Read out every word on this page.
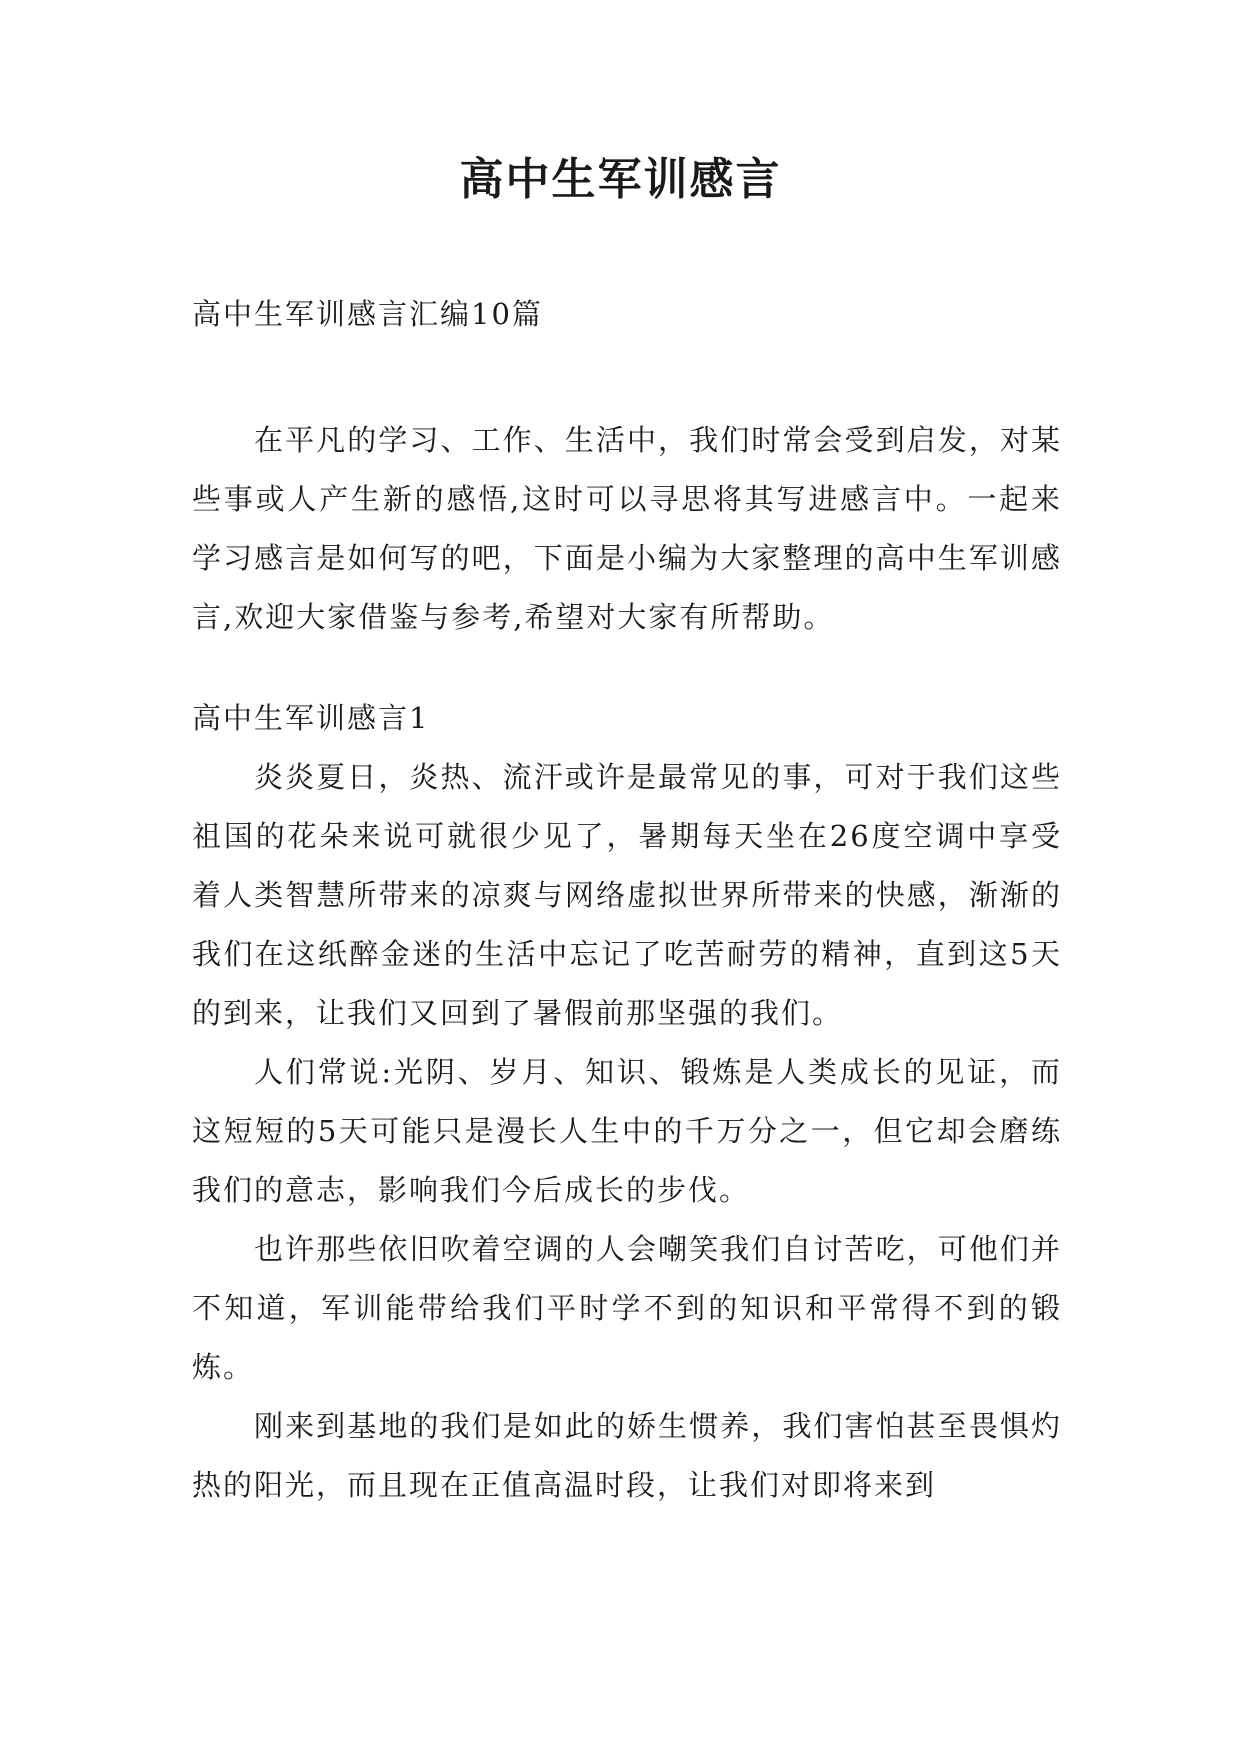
高中生军训感言

高中生军训感言汇编10篇

在平凡的学习、工作、生活中，我们时常会受到启发，对某些事或人产生新的感悟,这时可以寻思将其写进感言中。一起来学习感言是如何写的吧，下面是小编为大家整理的高中生军训感言,欢迎大家借鉴与参考,希望对大家有所帮助。

高中生军训感言1

炎炎夏日，炎热、流汗或许是最常见的事，可对于我们这些祖国的花朵来说可就很少见了，暑期每天坐在26度空调中享受着人类智慧所带来的凉爽与网络虚拟世界所带来的快感，渐渐的我们在这纸醉金迷的生活中忘记了吃苦耐劳的精神，直到这5天的到来，让我们又回到了暑假前那坚强的我们。

人们常说:光阴、岁月、知识、锻炼是人类成长的见证，而这短短的5天可能只是漫长人生中的千万分之一，但它却会磨练我们的意志，影响我们今后成长的步伐。

也许那些依旧吹着空调的人会嘲笑我们自讨苦吃，可他们并不知道，军训能带给我们平时学不到的知识和平常得不到的锻炼。

刚来到基地的我们是如此的娇生惯养，我们害怕甚至畏惧灼热的阳光，而且现在正值高温时段，让我们对即将来到
